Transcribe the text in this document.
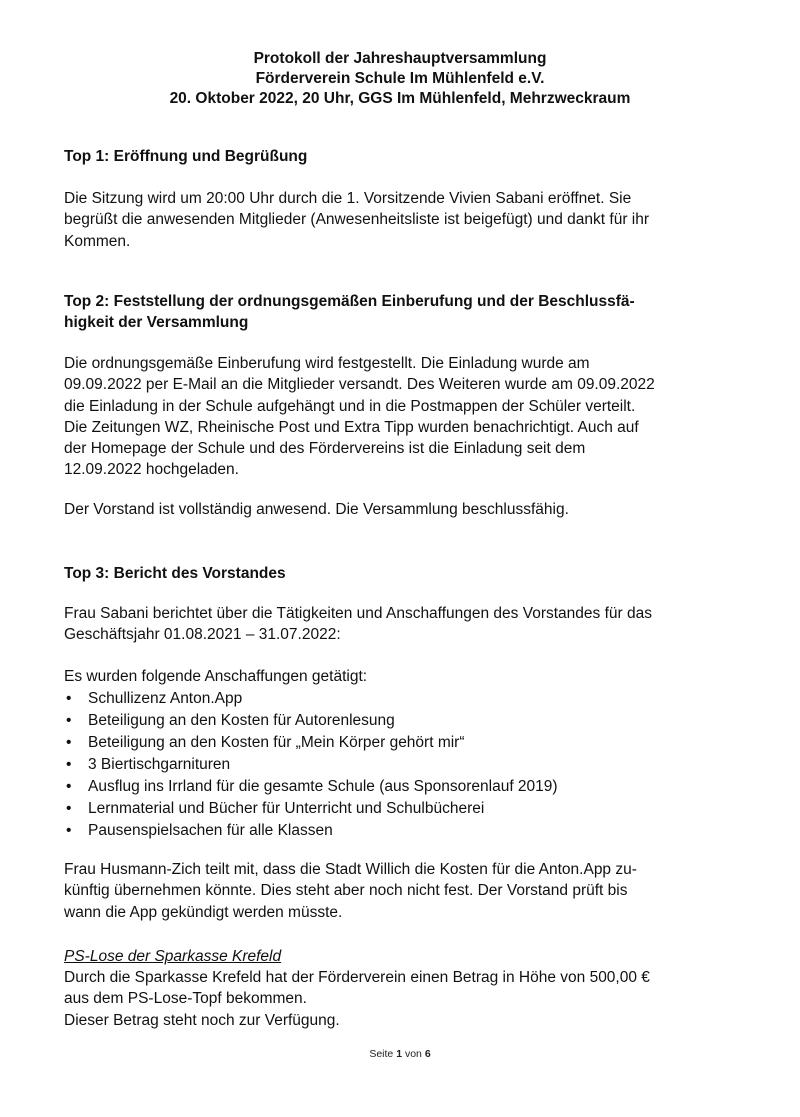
Protokoll der Jahreshauptversammlung
Förderverein Schule Im Mühlenfeld e.V.
20. Oktober 2022, 20 Uhr, GGS Im Mühlenfeld, Mehrzweckraum
Top 1: Eröffnung und Begrüßung
Die Sitzung wird um 20:00 Uhr durch die 1. Vorsitzende Vivien Sabani eröffnet. Sie
begrüßt die anwesenden Mitglieder (Anwesenheitsliste ist beigefügt) und dankt für ihr
Kommen.
Top 2: Feststellung der ordnungsgemäßen Einberufung und der Beschlussfä-
higkeit der Versammlung
Die ordnungsgemäße Einberufung wird festgestellt. Die Einladung wurde am
09.09.2022 per E-Mail an die Mitglieder versandt. Des Weiteren wurde am 09.09.2022
die Einladung in der Schule aufgehängt und in die Postmappen der Schüler verteilt.
Die Zeitungen WZ, Rheinische Post und Extra Tipp wurden benachrichtigt. Auch auf
der Homepage der Schule und des Fördervereins ist die Einladung seit dem
12.09.2022 hochgeladen.
Der Vorstand ist vollständig anwesend. Die Versammlung beschlussfähig.
Top 3: Bericht des Vorstandes
Frau Sabani berichtet über die Tätigkeiten und Anschaffungen des Vorstandes für das
Geschäftsjahr 01.08.2021 – 31.07.2022:
Es wurden folgende Anschaffungen getätigt:
• Schullizenz Anton.App
• Beteiligung an den Kosten für Autorenlesung
• Beteiligung an den Kosten für „Mein Körper gehört mir“
• 3 Biertischgarnituren
• Ausflug ins Irrland für die gesamte Schule (aus Sponsorenlauf 2019)
• Lernmaterial und Bücher für Unterricht und Schulbücherei
• Pausenspielsachen für alle Klassen
Frau Husmann-Zich teilt mit, dass die Stadt Willich die Kosten für die Anton.App zu-
künftig übernehmen könnte. Dies steht aber noch nicht fest. Der Vorstand prüft bis
wann die App gekündigt werden müsste.
PS-Lose der Sparkasse Krefeld
Durch die Sparkasse Krefeld hat der Förderverein einen Betrag in Höhe von 500,00 €
aus dem PS-Lose-Topf bekommen.
Dieser Betrag steht noch zur Verfügung.
Seite 1 von 6
